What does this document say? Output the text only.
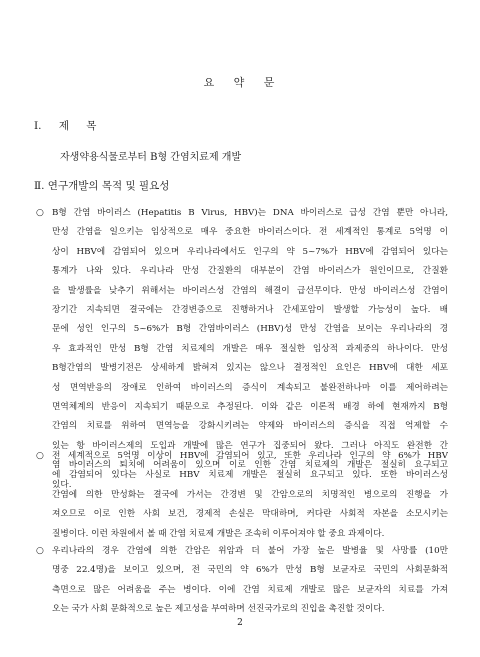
요 약 문
Ⅰ. 제 목
자생약용식물로부터 B형 간염치료제 개발
Ⅱ. 연구개발의 목적 및 필요성
○ B형 간염 바이러스 (Hepatitis B Virus, HBV)는 DNA 바이러스로 급성 간염 뿐만 아니라,
만성 간염을 일으키는 임상적으로 매우 중요한 바이러스이다. 전 세계적인 통계로 5억명 이
상이 HBV에 감염되어 있으며 우리나라에서도 인구의 약 5~7%가 HBV에 감염되어 있다는
통계가 나와 있다. 우리나라 만성 간질환의 대부분이 간염 바이러스가 원인이므로, 간질환
을 발생률을 낮추기 위해서는 바이러스성 간염의 해결이 급선무이다. 만성 바이러스성 간염이
장기간 지속되면 결국에는 간경변증으로 진행하거나 간세포암이 발생할 가능성이 높다. 배
문에 성인 인구의 5~6%가 B형 간염바이러스 (HBV)성 만성 간염을 보이는 우리나라의 경
우 효과적인 만성 B형 간염 치료제의 개발은 매우 절실한 임상적 과제중의 하나이다. 만성
B형간염의 발병기전은 상세하게 밝혀져 있지는 않으나 결정적인 요인은 HBV에 대한 세포
성 면역반응의 장애로 인하여 바이러스의 증식이 계속되고 불완전하나마 이를 제어하려는
면역체계의 반응이 지속되기 때문으로 추정된다. 이와 같은 이론적 배경 하에 현재까지 B형
간염의 치료를 위하여 면역능을 강화시키려는 약제와 바이러스의 증식을 직접 억제할 수
있는 항 바이러스제의 도입과 개발에 많은 연구가 집중되어 왔다. 그러나 아직도 완전한 간
염 바이러스의 퇴치에 어려움이 있으며 이로 인한 간염 치료제의 개발은 절실히 요구되고
있다.
○ 전 세계적으로 5억명 이상이 HBV에 감염되어 있고, 또한 우리나라 인구의 약 6%가 HBV
에 감염되어 있다는 사실로 HBV 치료제 개발은 절실히 요구되고 있다. 또한 바이러스성
간염에 의한 만성화는 결국에 가서는 간경변 및 간암으로의 치명적인 병으로의 진행을 가
져오므로 이로 인한 사회 보건, 경제적 손실은 막대하며, 커다란 사회적 자본을 소모시키는
질병이다. 이런 차원에서 볼 때 간염 치료제 개발은 조속히 이루어져야 할 중요 과제이다.
○ 우리나라의 경우 간염에 의한 간암은 위암과 더 불어 가장 높은 발병율 및 사망률 (10만
명중 22.4명)을 보이고 있으며, 전 국민의 약 6%가 만성 B형 보균자로 국민의 사회문화적
측면으로 많은 어려움을 주는 병이다. 이에 간염 치료제 개발로 많은 보균자의 치료를 가져
오는 국가 사회 문화적으로 높은 제고성을 부여하며 선진국가로의 진입을 촉진할 것이다.
2
